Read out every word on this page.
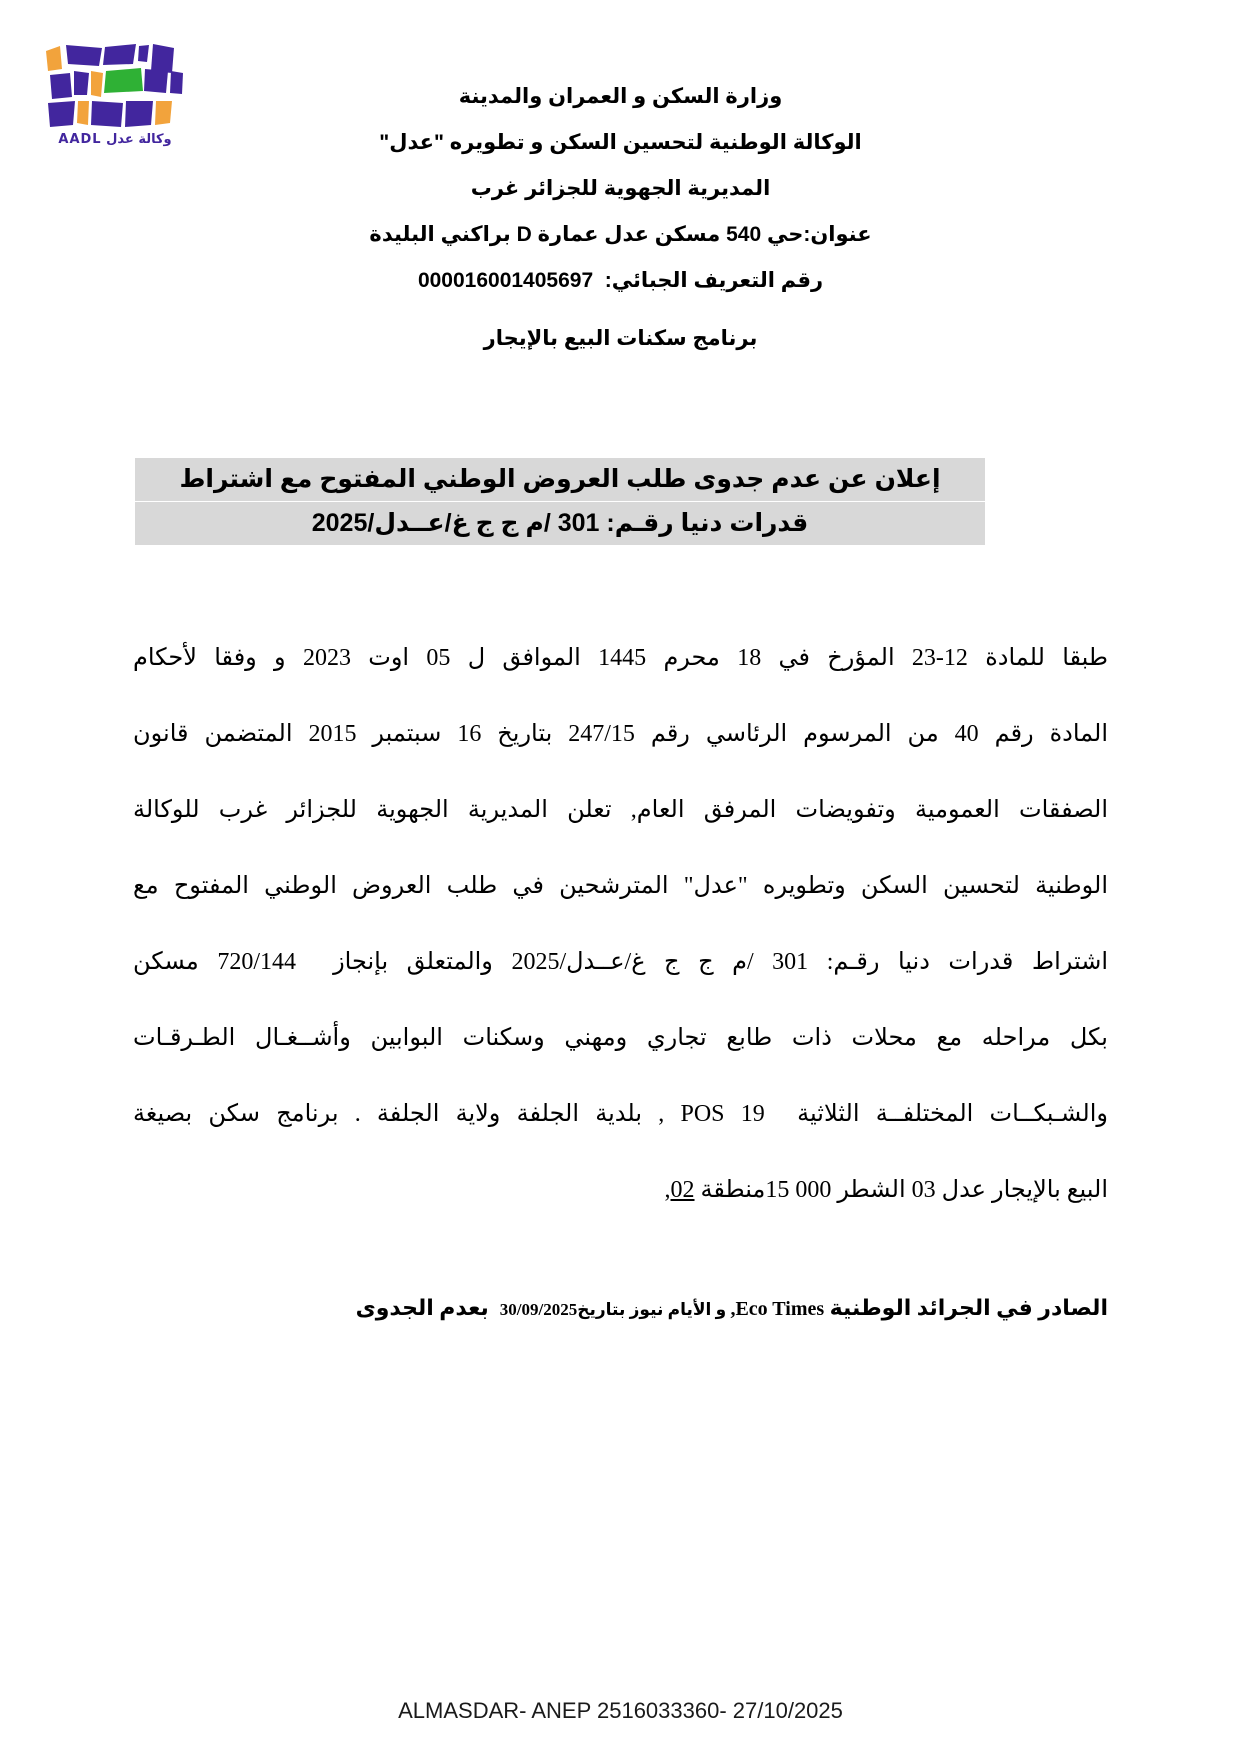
وكالة عدل AADL
وزارة السكن و العمران والمدينة
الوكالة الوطنية لتحسين السكن و تطويره "عدل"
المديرية الجهوية للجزائر غرب
عنوان:حي 540 مسكن عدل عمارة D براكني البليدة
رقم التعريف الجبائي:  000016001405697
برنامج سكنات البيع بالإيجار
إعلان عن عدم جدوى طلب العروض الوطني المفتوح مع اشتراط
قدرات دنيا رقـم: 301 /م ج ج غ/عــدل/2025
طبقا للمادة 12-23 المؤرخ في 18 محرم 1445 الموافق ل 05 اوت 2023 و وفقا لأحكام
المادة رقم 40 من المرسوم الرئاسي رقم 247/15 بتاريخ 16 سبتمبر 2015 المتضمن قانون
الصفقات العمومية وتفويضات المرفق العام, تعلن المديرية الجهوية للجزائر غرب للوكالة
الوطنية لتحسين السكن وتطويره "عدل" المترشحين في طلب العروض الوطني المفتوح مع
اشتراط قدرات دنيا رقـم: 301 /م ج ج غ/عــدل/2025 والمتعلق بإنجاز  720/144 مسكن
بكل مراحله مع محلات ذات طابع تجاري ومهني وسكنات البوابين وأشــغـال الطـرقـات
والشـبكــات المختلفــة الثلاثية  POS 19 , بلدية الجلفة ولاية الجلفة . برنامج سكن بصيغة
البيع بالإيجار عدل 03 الشطر 000 15منطقة 02,
الصادر في الجرائد الوطنية Eco Times, و الأيام نيوز بتاريخ30/09/2025  بعدم الجدوى
ALMASDAR- ANEP 2516033360- 27/10/2025
